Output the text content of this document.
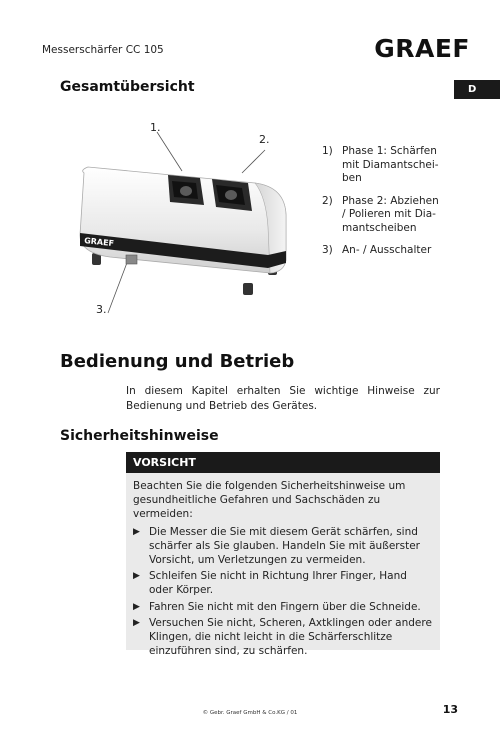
Messerschärfer CC 105	GRAEF
D
Gesamtübersicht
GRAEF
1.
2.
3.
1) Phase 1: Schärfen mit Diamantschei-ben
2) Phase 2: Abziehen / Polieren mit Dia-mantscheiben
3) An- / Ausschalter
Bedienung und Betrieb
In diesem Kapitel erhalten Sie wichtige Hinweise zur Bedienung und Betrieb des Gerätes.
Sicherheitshinweise
VORSICHT

Beachten Sie die folgenden Sicherheitshinweise um gesundheitliche Gefahren und Sachschäden zu vermeiden:

▶ Die Messer die Sie mit diesem Gerät schärfen, sind schärfer als Sie glauben. Handeln Sie mit äußerster Vorsicht, um Verletzungen zu vermeiden.
▶ Schleifen Sie nicht in Richtung Ihrer Finger, Hand oder Körper.
▶ Fahren Sie nicht mit den Fingern über die Schneide.
▶ Versuchen Sie nicht, Scheren, Axtklingen oder andere Klingen, die nicht leicht in die Schärferschlitze einzuführen sind, zu schärfen.
© Gebr. Graef GmbH & Co.KG / 01	13
